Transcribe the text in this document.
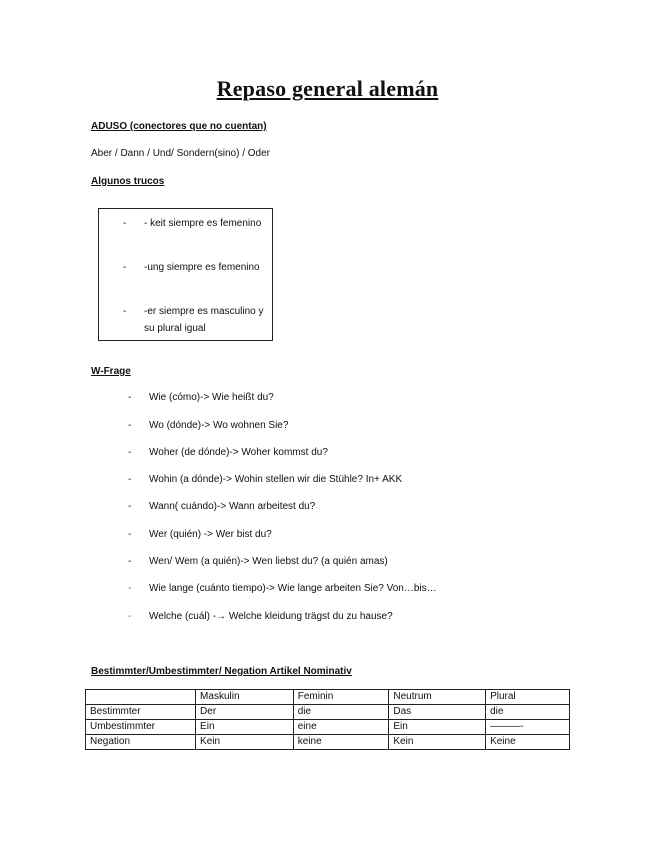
Repaso general alemán

ADUSO (conectores que no cuentan)

Aber / Dann / Und/ Sondern(sino) / Oder

Algunos trucos

- - keit siempre es femenino
- -ung siempre es femenino
- -er siempre es masculino y su plural igual

W-Frage

- Wie (cómo)-> Wie heißt du?
- Wo (dónde)-> Wo wohnen Sie?
- Woher (de dónde)-> Woher kommst du?
- Wohin (a dónde)-> Wohin stellen wir die Stühle? In+ AKK
- Wann( cuándo)-> Wann arbeitest du?
- Wer (quién) -> Wer bist du?
- Wen/ Wem (a quién)-> Wen liebst du? (a quién amas)
- Wie lange (cuánto tiempo)-> Wie lange arbeiten Sie? Von…bis…
- Welche (cuál) -→ Welche kleidung trägst du zu hause?

Bestimmter/Umbestimmter/ Negation Artikel Nominativ

	Maskulin	Feminin	Neutrum	Plural
Bestimmter	Der	die	Das	die
Umbestimmter	Ein	eine	Ein	———-
Negation	Kein	keine	Kein	Keine
